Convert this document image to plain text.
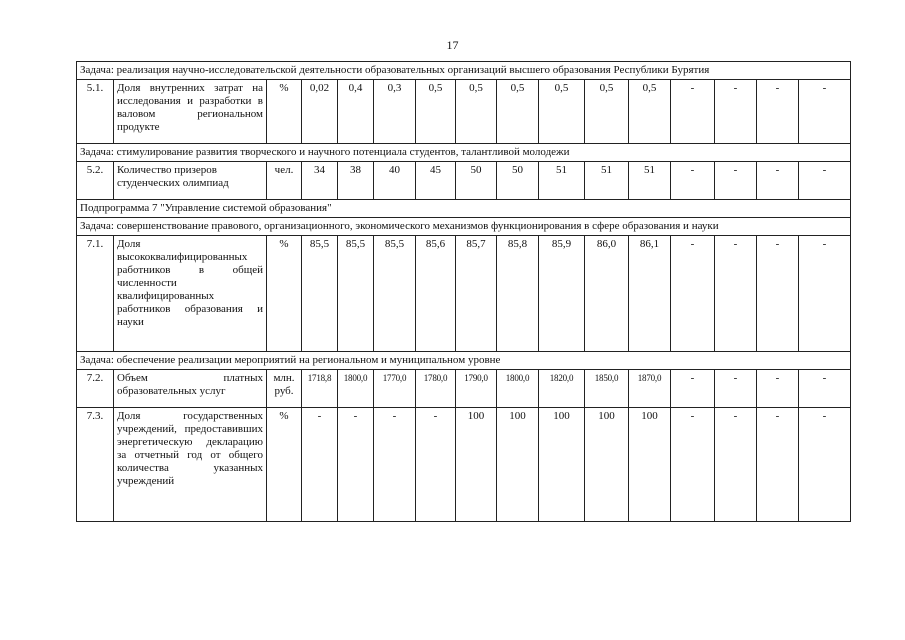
17
Задача: реализация научно-исследовательской деятельности образовательных организаций высшего образования Республики Бурятия															
5.1.	Доля внутренних затрат на исследования и разработки в валовом региональном продукте	%	0,02	0,4	0,3	0,5	0,5	0,5	0,5	0,5	0,5	-	-	-	-
Задача: стимулирование развития творческого и научного потенциала студентов, талантливой молодежи															
5.2.	Количество призеров студенческих олимпиад	чел.	34	38	40	45	50	50	51	51	51	-	-	-	-
Подпрограмма 7 "Управление системой образования"															
Задача: совершенствование правового, организационного, экономического механизмов функционирования в сфере образования и науки															
7.1.	Доля высококвалифицированных работников в общей численности квалифицированных работников образования и науки	%	85,5	85,5	85,5	85,6	85,7	85,8	85,9	86,0	86,1	-	-	-	-
Задача: обеспечение реализации мероприятий на региональном и муниципальном уровне															
7.2.	Объем платных образовательных услуг	млн. руб.	1718,8	1800,0	1770,0	1780,0	1790,0	1800,0	1820,0	1850,0	1870,0	-	-	-	-
7.3.	Доля государственных учреждений, предоставивших энергетическую декларацию за отчетный год от общего количества указанных учреждений	%	-	-	-	-	100	100	100	100	100	-	-	-	-
